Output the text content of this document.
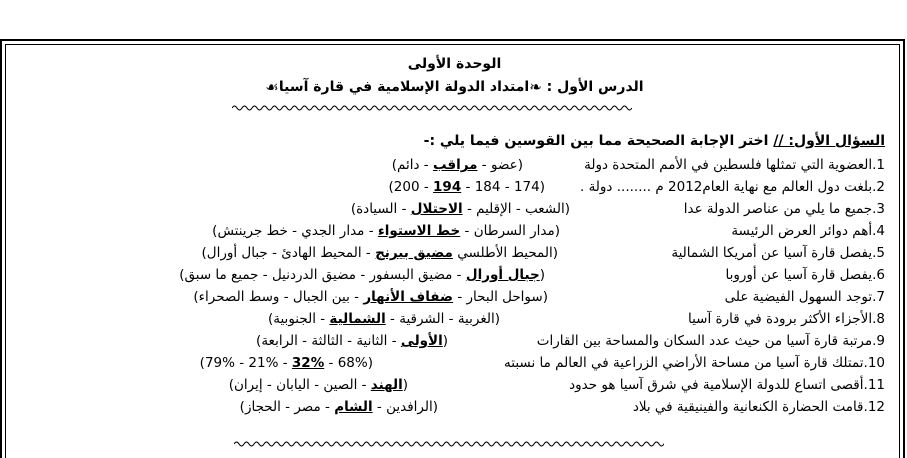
الوحدة الأولى
الدرس الأول : ❧امتداد الدولة الإسلامية في قارة آسيا☙
السؤال الأول: // اختر الإجابة الصحيحة مما بين القوسين فيما يلي :-
1.العضوية التي تمثلها فلسطين في الأمم المتحدة دولة
(عضو - مراقب - دائم)
2.بلغت دول العالم مع نهاية العام2012 م ........ دولة .
(174 - 184 - 194 - 200)
3.جميع ما يلي من عناصر الدولة عدا
(الشعب - الإقليم - الاحتلال - السيادة)
4.أهم دوائر العرض الرئيسة
(مدار السرطان - خط الاستواء - مدار الجدي - خط جرينتش)
5.يفصل قارة آسيا عن أمريكا الشمالية
(المحيط الأطلسي مضيق بيرنج - المحيط الهادئ - جبال أورال)
6.يفصل قارة آسيا عن أوروبا
(جبال أورال - مضيق البسفور - مضيق الدردنيل - جميع ما سبق)
7.توجد السهول الفيضية على
(سواحل البحار - ضفاف الأنهار - بين الجبال - وسط الصحراء)
8.الأجزاء الأكثر برودة في قارة آسيا
(الغربية - الشرقية - الشمالية - الجنوبية)
9.مرتبة قارة آسيا من حيث عدد السكان والمساحة بين القارات
(الأولى - الثانية - الثالثة - الرابعة)
10.تمتلك قارة آسيا من مساحة الأراضي الزراعية في العالم ما نسبته
(68% - 32% - 21% - 79%)
11.أقصى اتساع للدولة الإسلامية في شرق آسيا هو حدود
(الهند - الصين - اليابان - إيران)
12.قامت الحضارة الكنعانية والفينيقية في بلاد
(الرافدين - الشام - مصر - الحجاز)
